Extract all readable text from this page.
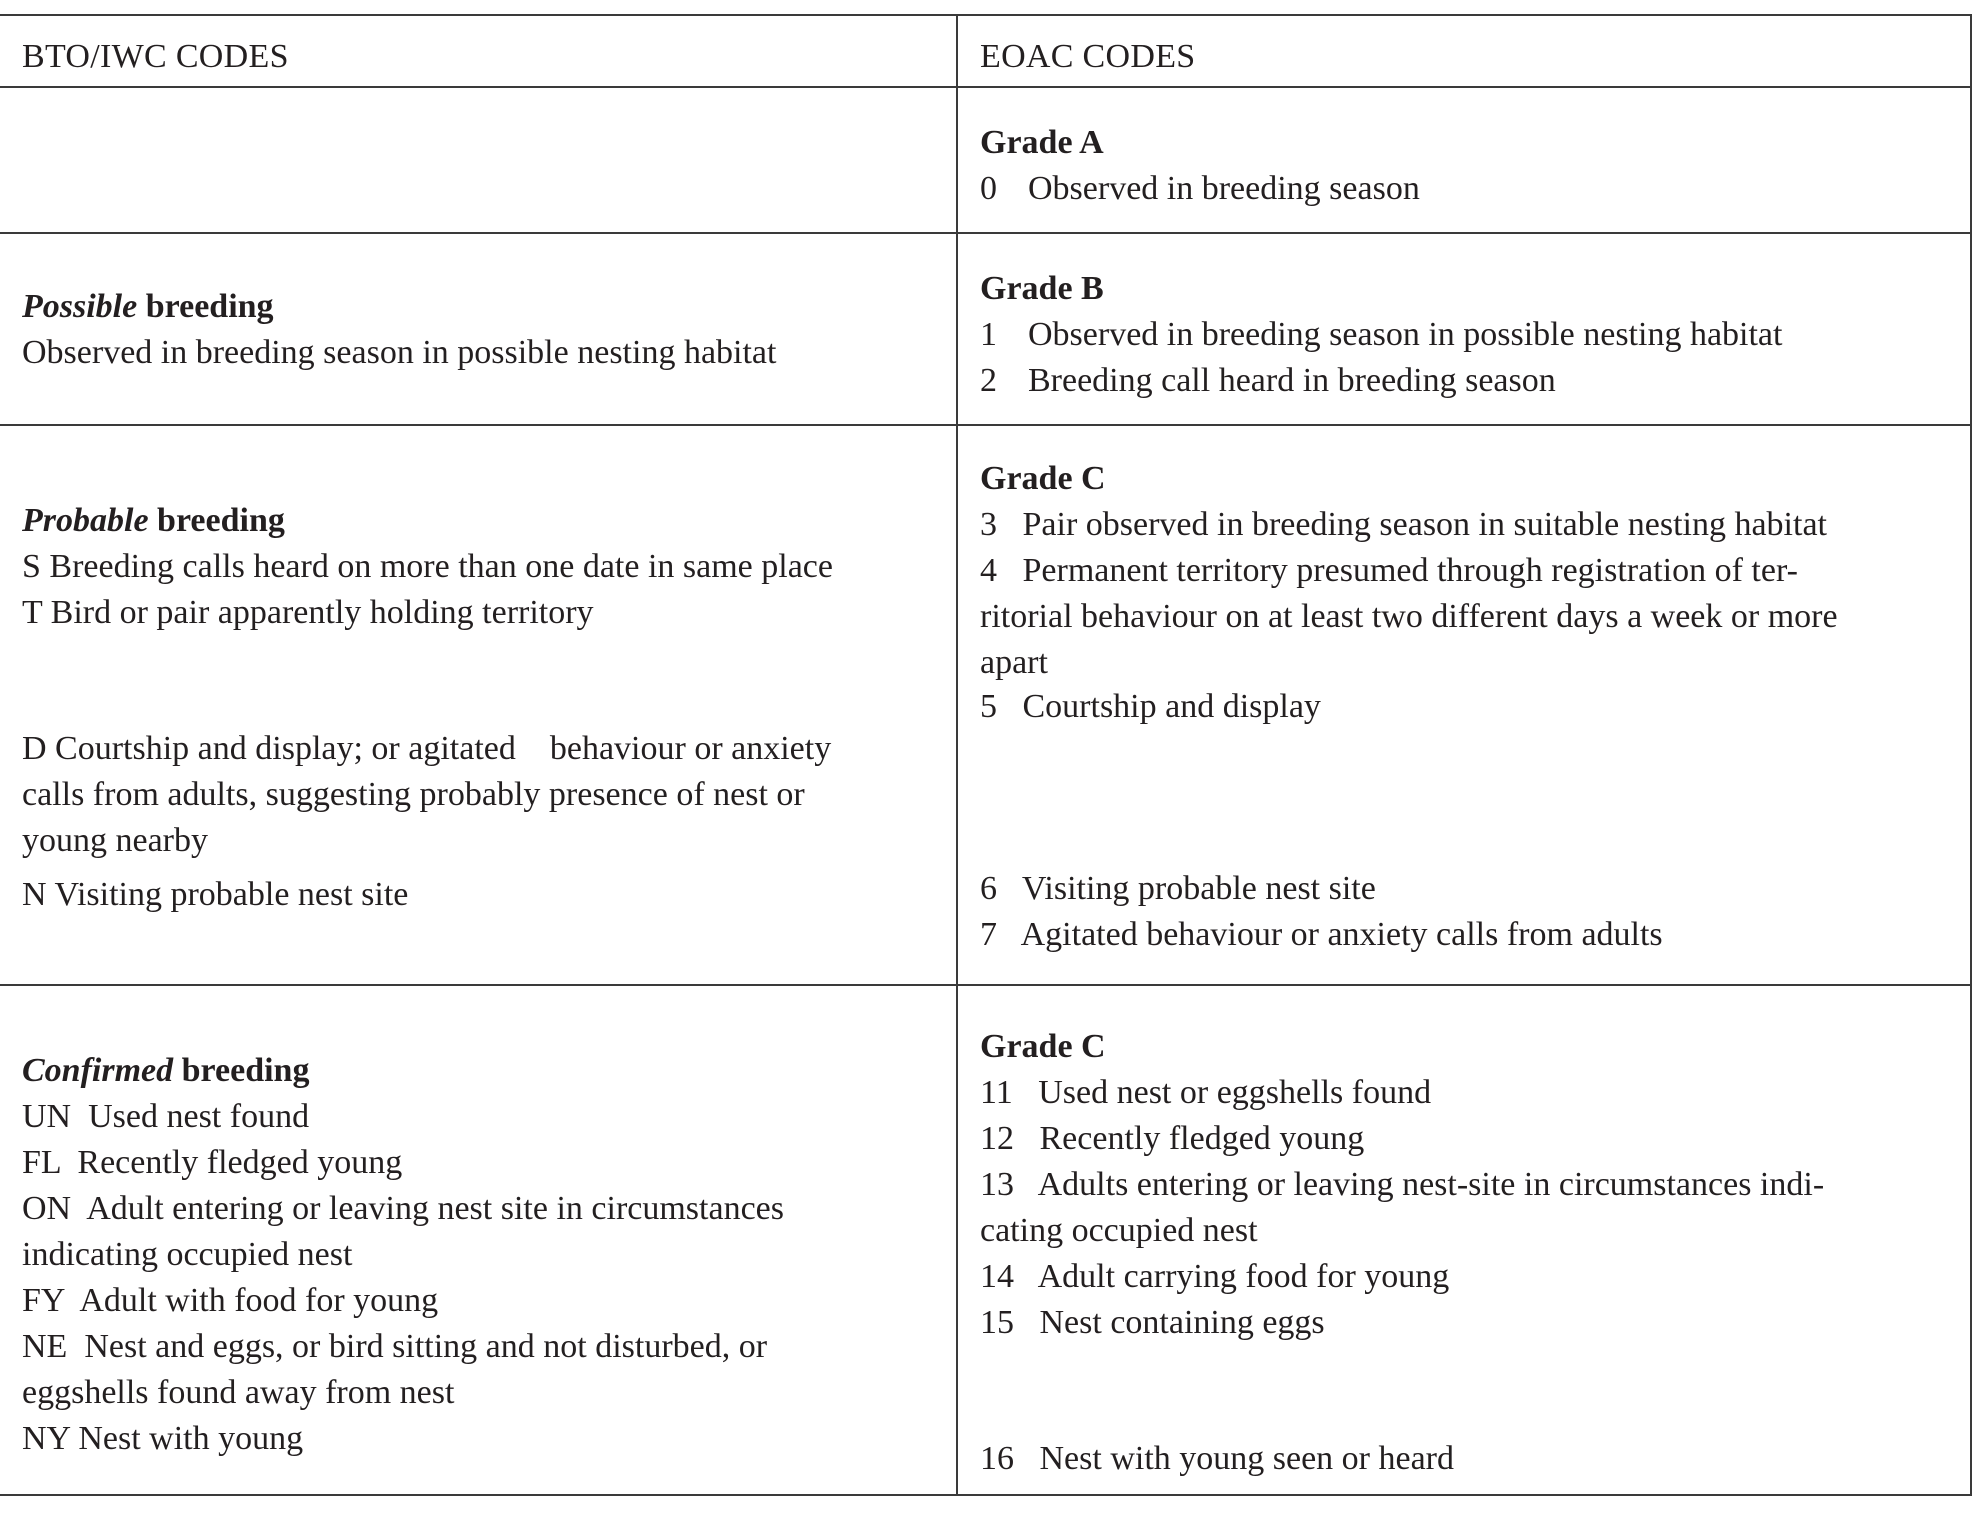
BTO/IWC CODES	EOAC CODES
Grade A
0 Observed in breeding season
Possible breeding
Observed in breeding season in possible nesting habitat
Grade B
1 Observed in breeding season in possible nesting habitat
2 Breeding call heard in breeding season
Probable breeding
S Breeding calls heard on more than one date in same place
T Bird or pair apparently holding territory
D Courtship and display; or agitated    behaviour or anxiety
calls from adults, suggesting probably presence of nest or
young nearby
N Visiting probable nest site
Grade C
3   Pair observed in breeding season in suitable nesting habitat
4   Permanent territory presumed through registration of ter-
ritorial behaviour on at least two different days a week or more
apart
5   Courtship and display
6   Visiting probable nest site
7   Agitated behaviour or anxiety calls from adults
Confirmed breeding
UN  Used nest found
FL  Recently fledged young
ON  Adult entering or leaving nest site in circumstances
indicating occupied nest
FY  Adult with food for young
NE  Nest and eggs, or bird sitting and not disturbed, or
eggshells found away from nest
NY Nest with young
Grade C
11   Used nest or eggshells found
12   Recently fledged young
13   Adults entering or leaving nest-site in circumstances indi-
cating occupied nest
14   Adult carrying food for young
15   Nest containing eggs
16   Nest with young seen or heard
